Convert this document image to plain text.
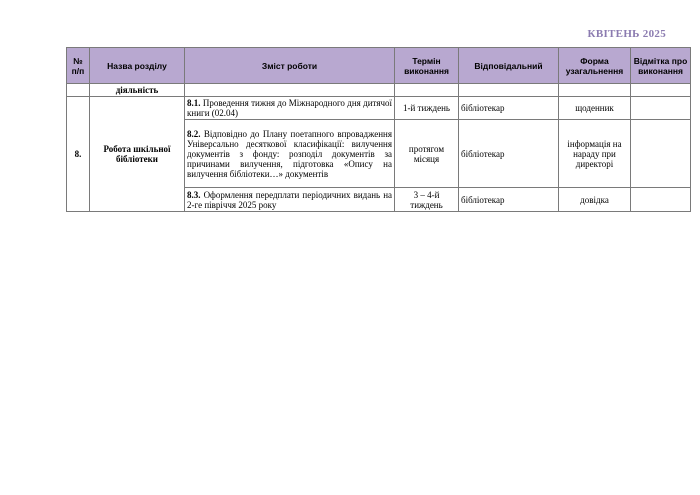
КВІТЕНЬ 2025
№ п/п	Назва розділу	Зміст роботи	Термін виконання	Відповідальний	Форма узагальнення	Відмітка про виконання
	діяльність					
8.	Робота шкільної бібліотеки	8.1. Проведення тижня до Міжнародного дня дитячої книги (02.04)	1-й тиждень	бібліотекар	щоденник	
		8.2. Відповідно до Плану поетапного впровадження Універсально десяткової класифікації: вилучення документів з фонду: розподіл документів за причинами вилучення, підготовка «Опису на вилучення бібліотеки…» документів	протягом місяця	бібліотекар	інформація на нараду при директорі	
		8.3. Оформлення передплати періодичних видань на 2-ге півріччя 2025 року	3 – 4-й тиждень	бібліотекар	довідка	
